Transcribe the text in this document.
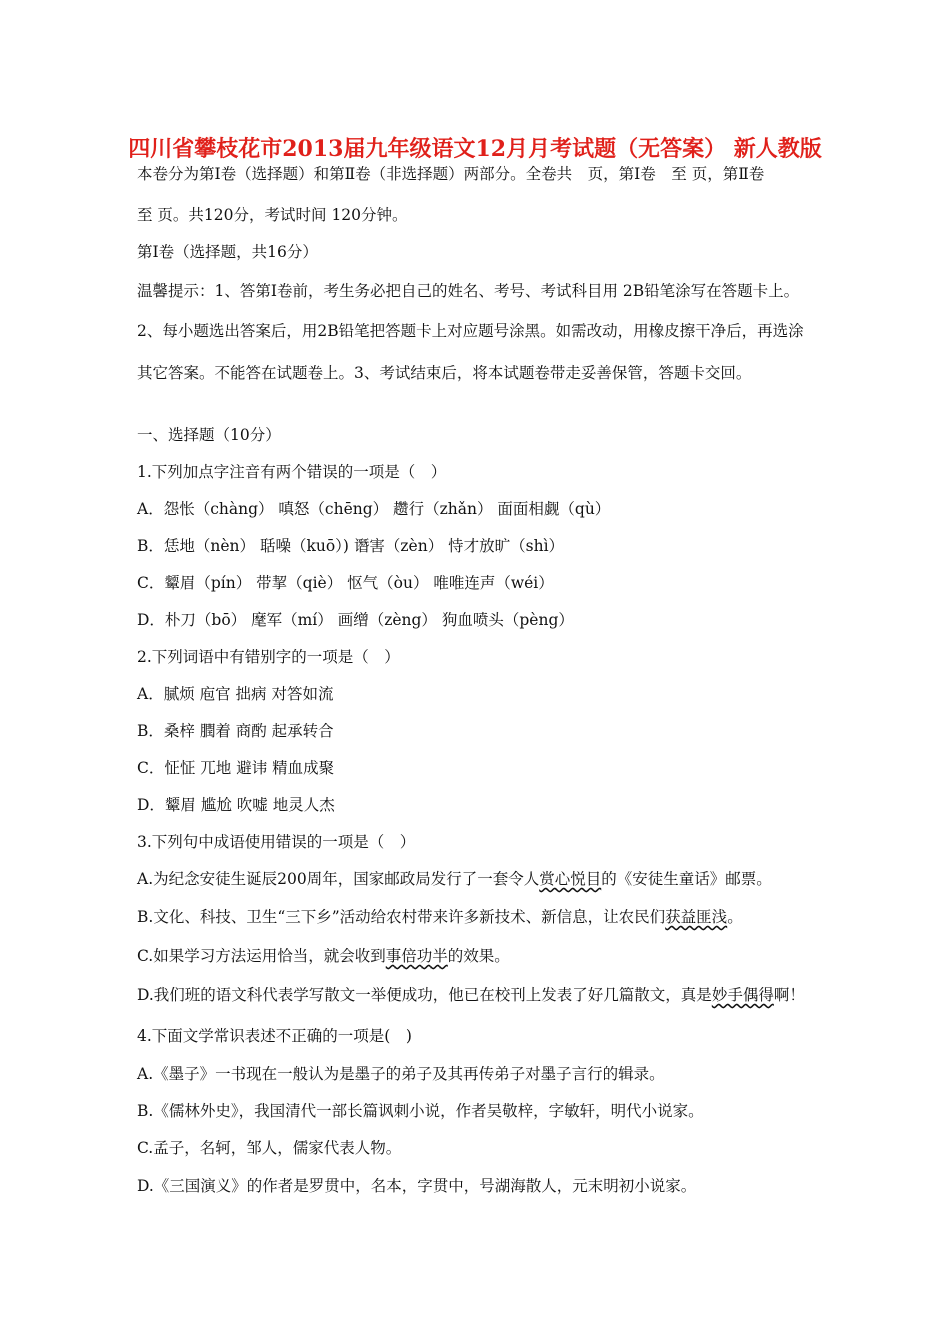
四川省攀枝花市2013届九年级语文12月月考试题（无答案） 新人教版
本卷分为第Ⅰ卷（选择题）和第Ⅱ卷（非选择题）两部分。全卷共　页，第Ⅰ卷　至 页，第Ⅱ卷
至 页。共120分，考试时间 120分钟。
第Ⅰ卷（选择题，共16分）
温馨提示：1、答第Ⅰ卷前，考生务必把自己的姓名、考号、考试科目用 2B铅笔涂写在答题卡上。
2、每小题选出答案后，用2B铅笔把答题卡上对应题号涂黑。如需改动，用橡皮擦干净后，再选涂
其它答案。不能答在试题卷上。3、考试结束后，将本试题卷带走妥善保管，答题卡交回。
一、选择题（10分）
1.下列加点字注音有两个错误的一项是（　）
A．怨怅（chàng） 嗔怒（chēng） 趱行（zhǎn） 面面相觑（qù）
B．恁地（nèn） 聒噪（kuō）) 谮害（zèn） 恃才放旷（shì）
C．颦眉（pín） 带挈（qiè） 怄气（òu） 唯唯连声（wéi）
D．朴刀（bō） 麾军（mí） 画缯（zèng） 狗血喷头（pèng）
2.下列词语中有错别字的一项是（　）
A．腻烦 庖官 拙病 对答如流
B．桑梓 膶着 商酌 起承转合
C．怔怔 兀地 避讳 精血成聚
D．颦眉 尴尬 吹嘘 地灵人杰
3.下列句中成语使用错误的一项是（　）
A.为纪念安徒生诞辰200周年，国家邮政局发行了一套令人赏心悦目的《安徒生童话》邮票。
B.文化、科技、卫生“三下乡”活动给农村带来许多新技术、新信息，让农民们获益匪浅。
C.如果学习方法运用恰当，就会收到事倍功半的效果。
D.我们班的语文科代表学写散文一举便成功，他已在校刊上发表了好几篇散文，真是妙手偶得啊！
4.下面文学常识表述不正确的一项是(　)
A.《墨子》一书现在一般认为是墨子的弟子及其再传弟子对墨子言行的辑录。
B.《儒林外史》，我国清代一部长篇讽刺小说，作者吴敬梓，字敏轩，明代小说家。
C.孟子，名轲，邹人，儒家代表人物。
D.《三国演义》的作者是罗贯中，名本，字贯中，号湖海散人，元末明初小说家。
